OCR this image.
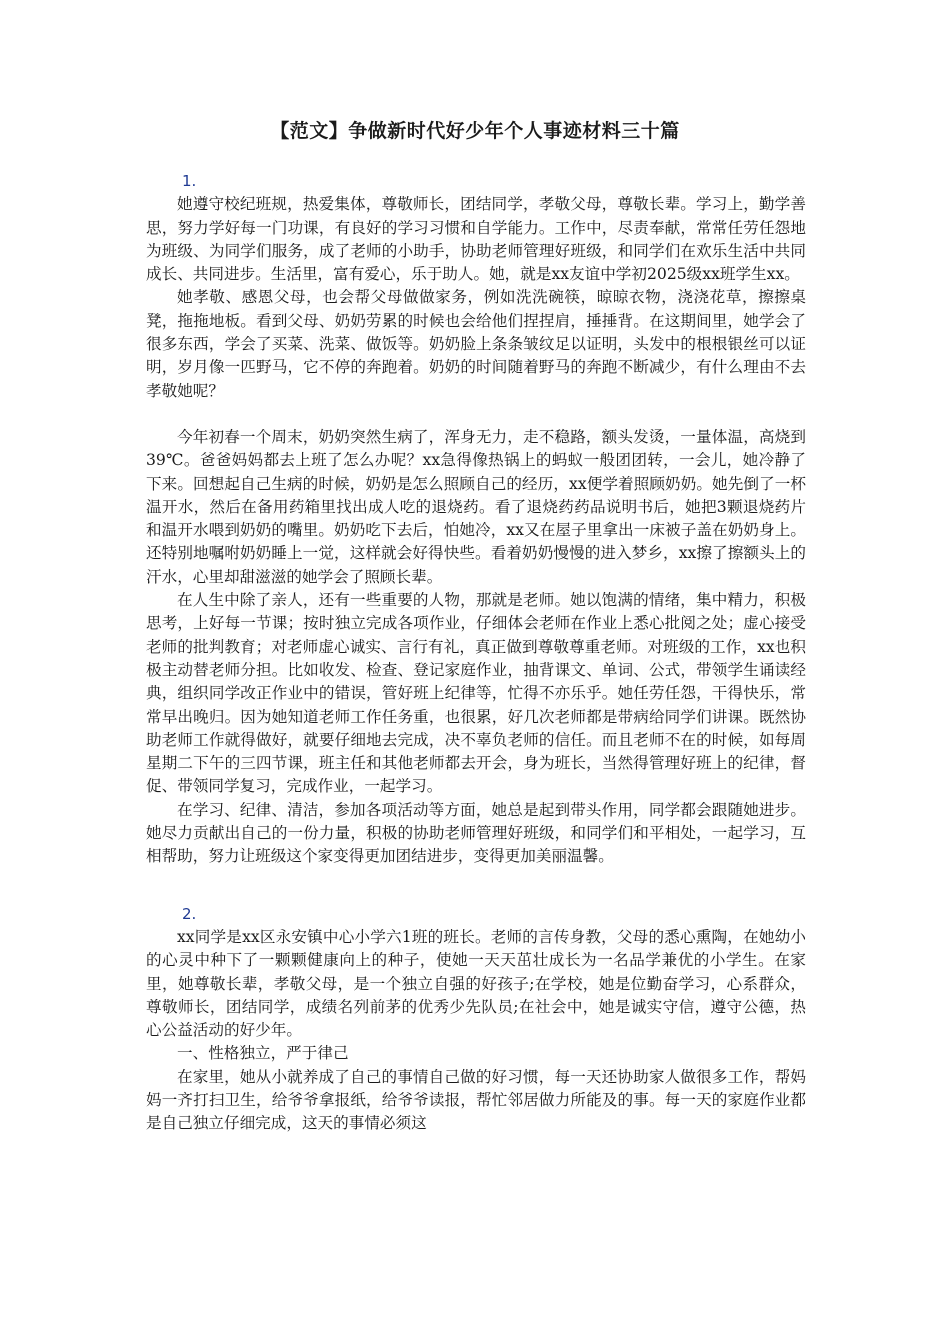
【范文】争做新时代好少年个人事迹材料三十篇

1.

她遵守校纪班规，热爱集体，尊敬师长，团结同学，孝敬父母，尊敬长辈。学习上，勤学善思，努力学好每一门功课，有良好的学习习惯和自学能力。工作中，尽责奉献，常常任劳任怨地为班级、为同学们服务，成了老师的小助手，协助老师管理好班级，和同学们在欢乐生活中共同成长、共同进步。生活里，富有爱心，乐于助人。她，就是xx友谊中学初2025级xx班学生xx。

她孝敬、感恩父母，也会帮父母做做家务，例如洗洗碗筷，晾晾衣物，浇浇花草，擦擦桌凳，拖拖地板。看到父母、奶奶劳累的时候也会给他们捏捏肩，捶捶背。在这期间里，她学会了很多东西，学会了买菜、洗菜、做饭等。奶奶脸上条条皱纹足以证明，头发中的根根银丝可以证明，岁月像一匹野马，它不停的奔跑着。奶奶的时间随着野马的奔跑不断减少，有什么理由不去孝敬她呢？

今年初春一个周末，奶奶突然生病了，浑身无力，走不稳路，额头发烫，一量体温，高烧到39℃。爸爸妈妈都去上班了怎么办呢？xx急得像热锅上的蚂蚁一般团团转，一会儿，她冷静了下来。回想起自己生病的时候，奶奶是怎么照顾自己的经历，xx便学着照顾奶奶。她先倒了一杯温开水，然后在备用药箱里找出成人吃的退烧药。看了退烧药药品说明书后，她把3颗退烧药片和温开水喂到奶奶的嘴里。奶奶吃下去后，怕她冷，xx又在屋子里拿出一床被子盖在奶奶身上。还特别地嘱咐奶奶睡上一觉，这样就会好得快些。看着奶奶慢慢的进入梦乡，xx擦了擦额头上的汗水，心里却甜滋滋的她学会了照顾长辈。

在人生中除了亲人，还有一些重要的人物，那就是老师。她以饱满的情绪，集中精力，积极思考，上好每一节课；按时独立完成各项作业，仔细体会老师在作业上悉心批阅之处；虚心接受老师的批判教育；对老师虚心诚实、言行有礼，真正做到尊敬尊重老师。对班级的工作，xx也积极主动替老师分担。比如收发、检查、登记家庭作业，抽背课文、单词、公式，带领学生诵读经典，组织同学改正作业中的错误，管好班上纪律等，忙得不亦乐乎。她任劳任怨，干得快乐，常常早出晚归。因为她知道老师工作任务重，也很累，好几次老师都是带病给同学们讲课。既然协助老师工作就得做好，就要仔细地去完成，决不辜负老师的信任。而且老师不在的时候，如每周星期二下午的三四节课，班主任和其他老师都去开会，身为班长，当然得管理好班上的纪律，督促、带领同学复习，完成作业，一起学习。

在学习、纪律、清洁，参加各项活动等方面，她总是起到带头作用，同学都会跟随她进步。她尽力贡献出自己的一份力量，积极的协助老师管理好班级，和同学们和平相处，一起学习，互相帮助，努力让班级这个家变得更加团结进步，变得更加美丽温馨。

2.

xx同学是xx区永安镇中心小学六1班的班长。老师的言传身教，父母的悉心熏陶，在她幼小的心灵中种下了一颗颗健康向上的种子，使她一天天茁壮成长为一名品学兼优的小学生。在家里，她尊敬长辈，孝敬父母，是一个独立自强的好孩子;在学校，她是位勤奋学习，心系群众，尊敬师长，团结同学，成绩名列前茅的优秀少先队员;在社会中，她是诚实守信，遵守公德，热心公益活动的好少年。

一、性格独立，严于律己

在家里，她从小就养成了自己的事情自己做的好习惯，每一天还协助家人做很多工作，帮妈妈一齐打扫卫生，给爷爷拿报纸，给爷爷读报，帮忙邻居做力所能及的事。每一天的家庭作业都是自己独立仔细完成，这天的事情必须这
